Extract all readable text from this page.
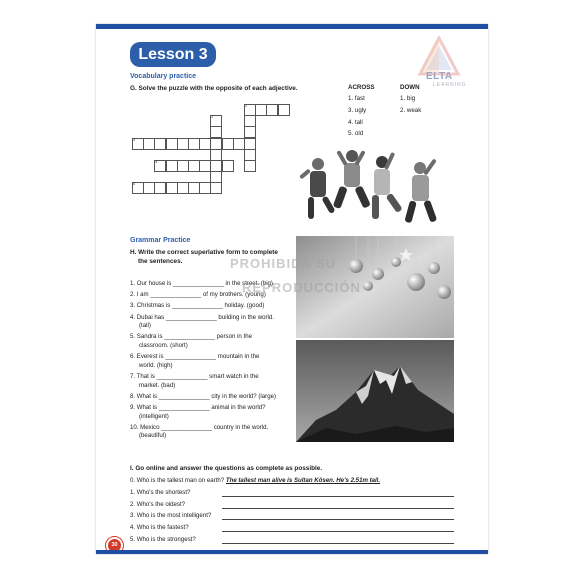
Lesson 3
ELTA
LEARNING
Vocabulary practice
G. Solve the puzzle with the opposite of each adjective.	ACROSS
1. fast
3. ugly
4. tall
5. old
DOWN
1. big
2. weak
1
2
3
4
5
Grammar Practice
H. Write the correct superlative form to complete
the sentences.
1. Our house is _______________ in the street. (big)
2. I am _______________ of my brothers. (young)
3. Christmas is _______________ holiday. (good)
4. Dubai has _______________ building in the world.
(tall)
5. Sandra is _______________ person in the
classroom. (short)
6. Everest is _______________ mountain in the
world. (high)
7. That is _______________ smart watch in the
market. (bad)
8. What is _______________ city in the world? (large)
9. What is _______________ animal in the world?
(intelligent)
10. Mexico _______________ country in the world.
(beautiful)
PROHIBIDA SU
REPRODUCCIÓN
I. Go online and answer the questions as complete as possible.
0. Who is the tallest man on earth? The tallest man alive is Sultan Kösen. He's 2.51m tall.
1. Who's the shortest?
2. Who's the oldest?
3. Who is the most intelligent?
4. Who is the fastest?
5. Who is the strongest?
30
